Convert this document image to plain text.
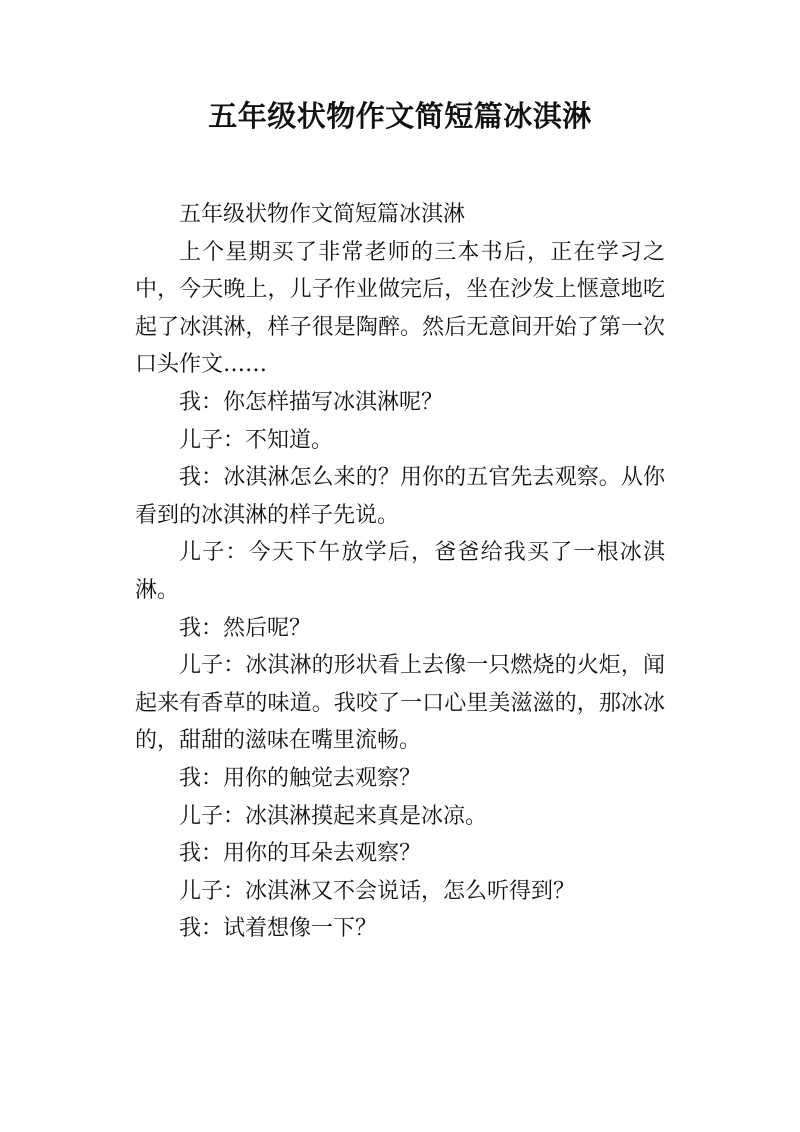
五年级状物作文简短篇冰淇淋

五年级状物作文简短篇冰淇淋

上个星期买了非常老师的三本书后，正在学习之中，今天晚上，儿子作业做完后，坐在沙发上惬意地吃起了冰淇淋，样子很是陶醉。然后无意间开始了第一次口头作文……

我：你怎样描写冰淇淋呢？

儿子：不知道。

我：冰淇淋怎么来的？用你的五官先去观察。从你看到的冰淇淋的样子先说。

儿子：今天下午放学后，爸爸给我买了一根冰淇淋。

我：然后呢？

儿子：冰淇淋的形状看上去像一只燃烧的火炬，闻起来有香草的味道。我咬了一口心里美滋滋的，那冰冰的，甜甜的滋味在嘴里流畅。

我：用你的触觉去观察？

儿子：冰淇淋摸起来真是冰凉。

我：用你的耳朵去观察？

儿子：冰淇淋又不会说话，怎么听得到？

我：试着想像一下？
